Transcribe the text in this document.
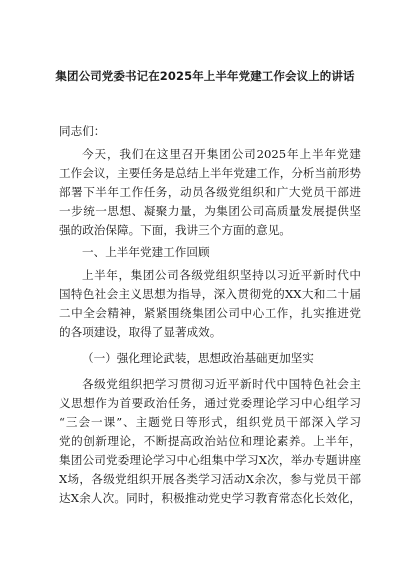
集团公司党委书记在2025年上半年党建工作会议上的讲话
同志们：
今天，我们在这里召开集团公司2025年上半年党建
工作会议，主要任务是总结上半年党建工作，分析当前形势
部署下半年工作任务，动员各级党组织和广大党员干部进
一步统一思想、凝聚力量，为集团公司高质量发展提供坚
强的政治保障。下面，我讲三个方面的意见。
一、上半年党建工作回顾
上半年，集团公司各级党组织坚持以习近平新时代中
国特色社会主义思想为指导，深入贯彻党的XX大和二十届
二中全会精神，紧紧围绕集团公司中心工作，扎实推进党
的各项建设，取得了显著成效。
（一）强化理论武装，思想政治基础更加坚实
各级党组织把学习贯彻习近平新时代中国特色社会主
义思想作为首要政治任务，通过党委理论学习中心组学习
“三会一课”、主题党日等形式，组织党员干部深入学习
党的创新理论，不断提高政治站位和理论素养。上半年，
集团公司党委理论学习中心组集中学习X次，举办专题讲座
X场，各级党组织开展各类学习活动X余次，参与党员干部
达X余人次。同时，积极推动党史学习教育常态化长效化，
